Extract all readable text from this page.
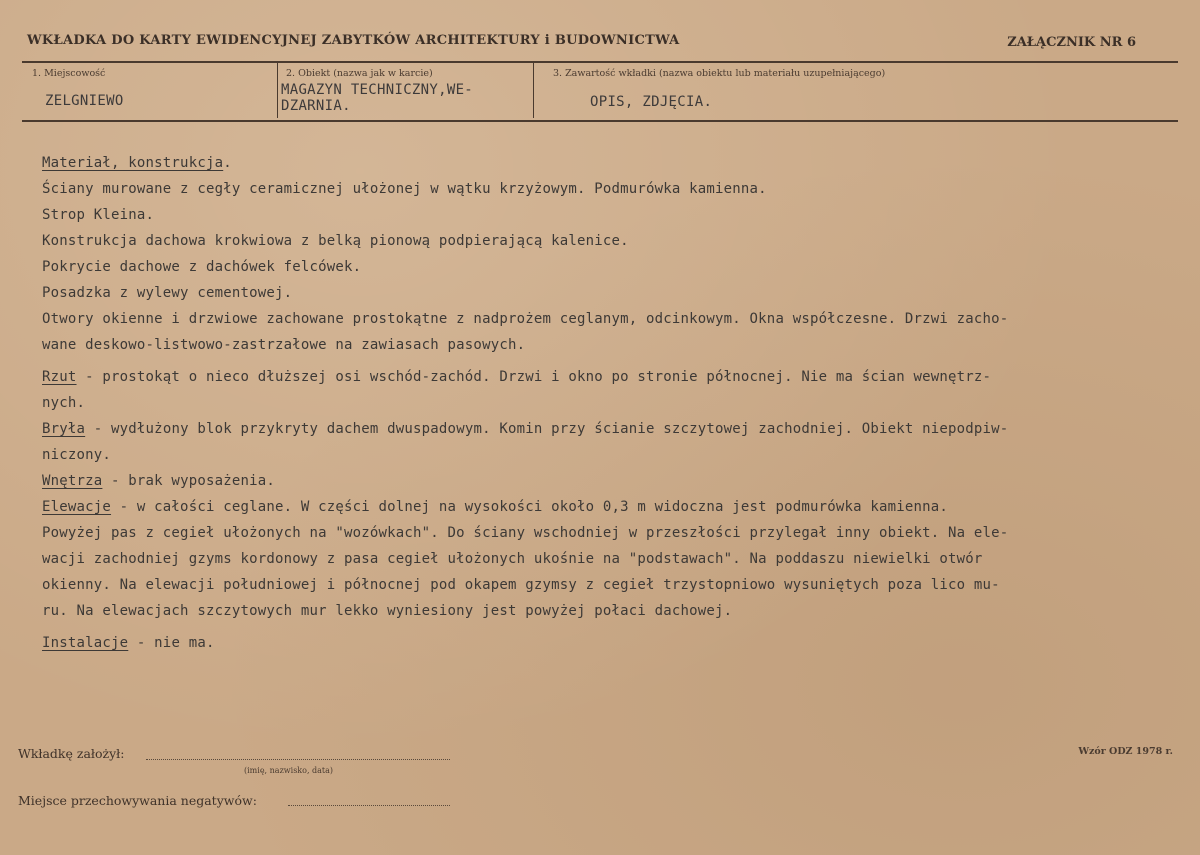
WKŁADKA DO KARTY EWIDENCYJNEJ ZABYTKÓW ARCHITEKTURY i BUDOWNICTWA	ZAŁĄCZNIK NR 6
1. Miejscowość
ZELGNIEWO
2. Obiekt (nazwa jak w karcie)
MAGAZYN TECHNICZNY,WE-
DZARNIA.
3. Zawartość wkładki (nazwa obiektu lub materiału uzupełniającego)
OPIS, ZDJĘCIA.
Materiał, konstrukcja.
Ściany murowane z cegły ceramicznej ułożonej w wątku krzyżowym. Podmurówka kamienna.
Strop Kleina.
Konstrukcja dachowa krokwiowa z belką pionową podpierającą kalenice.
Pokrycie dachowe z dachówek felcówek.
Posadzka z wylewy cementowej.
Otwory okienne i drzwiowe zachowane prostokątne z nadprożem ceglanym, odcinkowym. Okna współczesne. Drzwi zacho-
wane deskowo-listwowo-zastrzałowe na zawiasach pasowych.
Rzut - prostokąt o nieco dłuższej osi wschód-zachód. Drzwi i okno po stronie północnej. Nie ma ścian wewnętrz-
nych.
Bryła - wydłużony blok przykryty dachem dwuspadowym. Komin przy ścianie szczytowej zachodniej. Obiekt niepodpiw-
niczony.
Wnętrza - brak wyposażenia.
Elewacje - w całości ceglane. W części dolnej na wysokości około 0,3 m widoczna jest podmurówka kamienna.
Powyżej pas z cegieł ułożonych na "wozówkach". Do ściany wschodniej w przeszłości przylegał inny obiekt. Na ele-
wacji zachodniej gzyms kordonowy z pasa cegieł ułożonych ukośnie na "podstawach". Na poddaszu niewielki otwór
okienny. Na elewacji południowej i północnej pod okapem gzymsy z cegieł trzystopniowo wysuniętych poza lico mu-
ru. Na elewacjach szczytowych mur lekko wyniesiony jest powyżej połaci dachowej.
Instalacje - nie ma.
Wkładkę założył:
(imię, nazwisko, data)
Wzór ODZ 1978 r.
Miejsce przechowywania negatywów:
